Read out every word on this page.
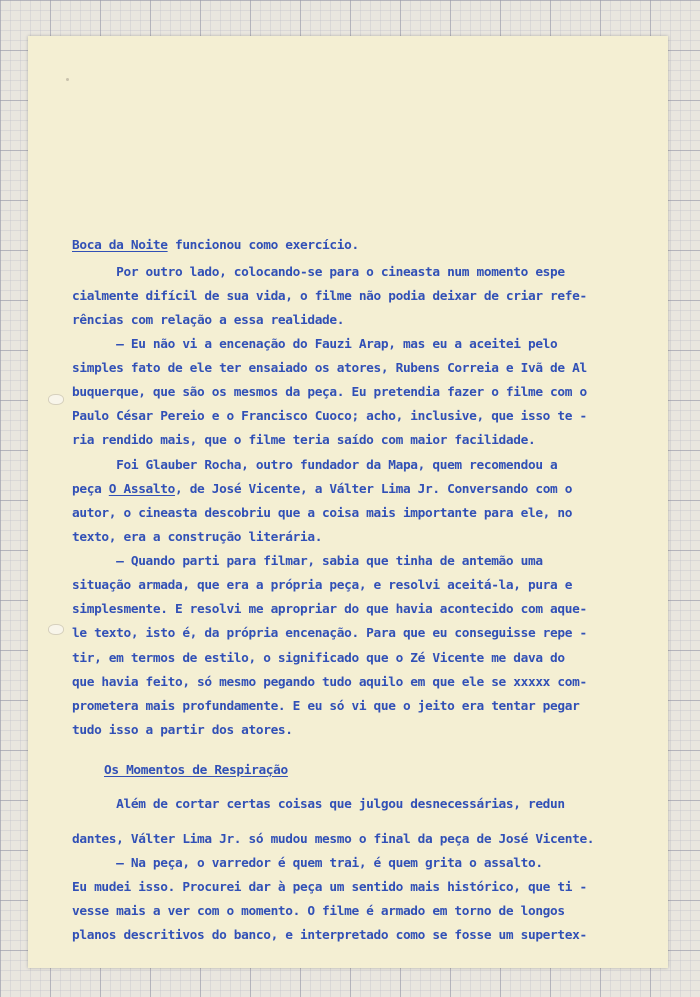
Boca da Noite funcionou como exercício.

Por outro lado, colocando-se para o cineasta num momento espe

cialmente difícil de sua vida, o filme não podia deixar de criar refe-

rências com relação a essa realidade.

— Eu não vi a encenação do Fauzi Arap, mas eu a aceitei pelo

simples fato de ele ter ensaiado os atores, Rubens Correia e Ivã de Al

buquerque, que são os mesmos da peça. Eu pretendia fazer o filme com o

Paulo César Pereio e o Francisco Cuoco; acho, inclusive, que isso te -

ria rendido mais, que o filme teria saído com maior facilidade.

Foi Glauber Rocha, outro fundador da Mapa, quem recomendou a

peça O Assalto, de José Vicente, a Válter Lima Jr. Conversando com o

autor, o cineasta descobriu que a coisa mais importante para ele, no

texto, era a construção literária.

— Quando parti para filmar, sabia que tinha de antemão uma

situação armada, que era a própria peça, e resolvi aceitá-la, pura e

simplesmente. E resolvi me apropriar do que havia acontecido com aque-

le texto, isto é, da própria encenação. Para que eu conseguisse repe -

tir, em termos de estilo, o significado que o Zé Vicente me dava do

que havia feito, só mesmo pegando tudo aquilo em que ele se xxxxx com-

prometera mais profundamente. E eu só vi que o jeito era tentar pegar

tudo isso a partir dos atores.

Os Momentos de Respiração

Além de cortar certas coisas que julgou desnecessárias, redun

dantes, Válter Lima Jr. só mudou mesmo o final da peça de José Vicente.

— Na peça, o varredor é quem trai, é quem grita o assalto.

Eu mudei isso. Procurei dar à peça um sentido mais histórico, que ti -

vesse mais a ver com o momento. O filme é armado em torno de longos

planos descritivos do banco, e interpretado como se fosse um supertex-
